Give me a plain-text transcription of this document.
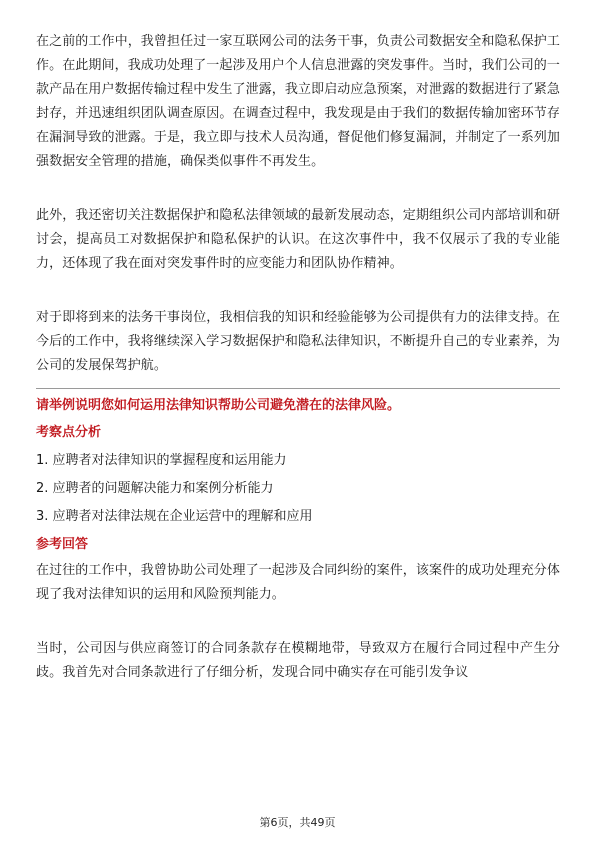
在之前的工作中，我曾担任过一家互联网公司的法务干事，负责公司数据安全和隐私保护工作。在此期间，我成功处理了一起涉及用户个人信息泄露的突发事件。当时，我们公司的一款产品在用户数据传输过程中发生了泄露，我立即启动应急预案，对泄露的数据进行了紧急封存，并迅速组织团队调查原因。在调查过程中，我发现是由于我们的数据传输加密环节存在漏洞导致的泄露。于是，我立即与技术人员沟通，督促他们修复漏洞，并制定了一系列加强数据安全管理的措施，确保类似事件不再发生。

此外，我还密切关注数据保护和隐私法律领域的最新发展动态，定期组织公司内部培训和研讨会，提高员工对数据保护和隐私保护的认识。在这次事件中，我不仅展示了我的专业能力，还体现了我在面对突发事件时的应变能力和团队协作精神。

对于即将到来的法务干事岗位，我相信我的知识和经验能够为公司提供有力的法律支持。在今后的工作中，我将继续深入学习数据保护和隐私法律知识，不断提升自己的专业素养，为公司的发展保驾护航。

请举例说明您如何运用法律知识帮助公司避免潜在的法律风险。

考察点分析

1. 应聘者对法律知识的掌握程度和运用能力
2. 应聘者的问题解决能力和案例分析能力
3. 应聘者对法律法规在企业运营中的理解和应用

参考回答

在过往的工作中，我曾协助公司处理了一起涉及合同纠纷的案件，该案件的成功处理充分体现了我对法律知识的运用和风险预判能力。

当时，公司因与供应商签订的合同条款存在模糊地带，导致双方在履行合同过程中产生分歧。我首先对合同条款进行了仔细分析，发现合同中确实存在可能引发争议

第6页，共49页
